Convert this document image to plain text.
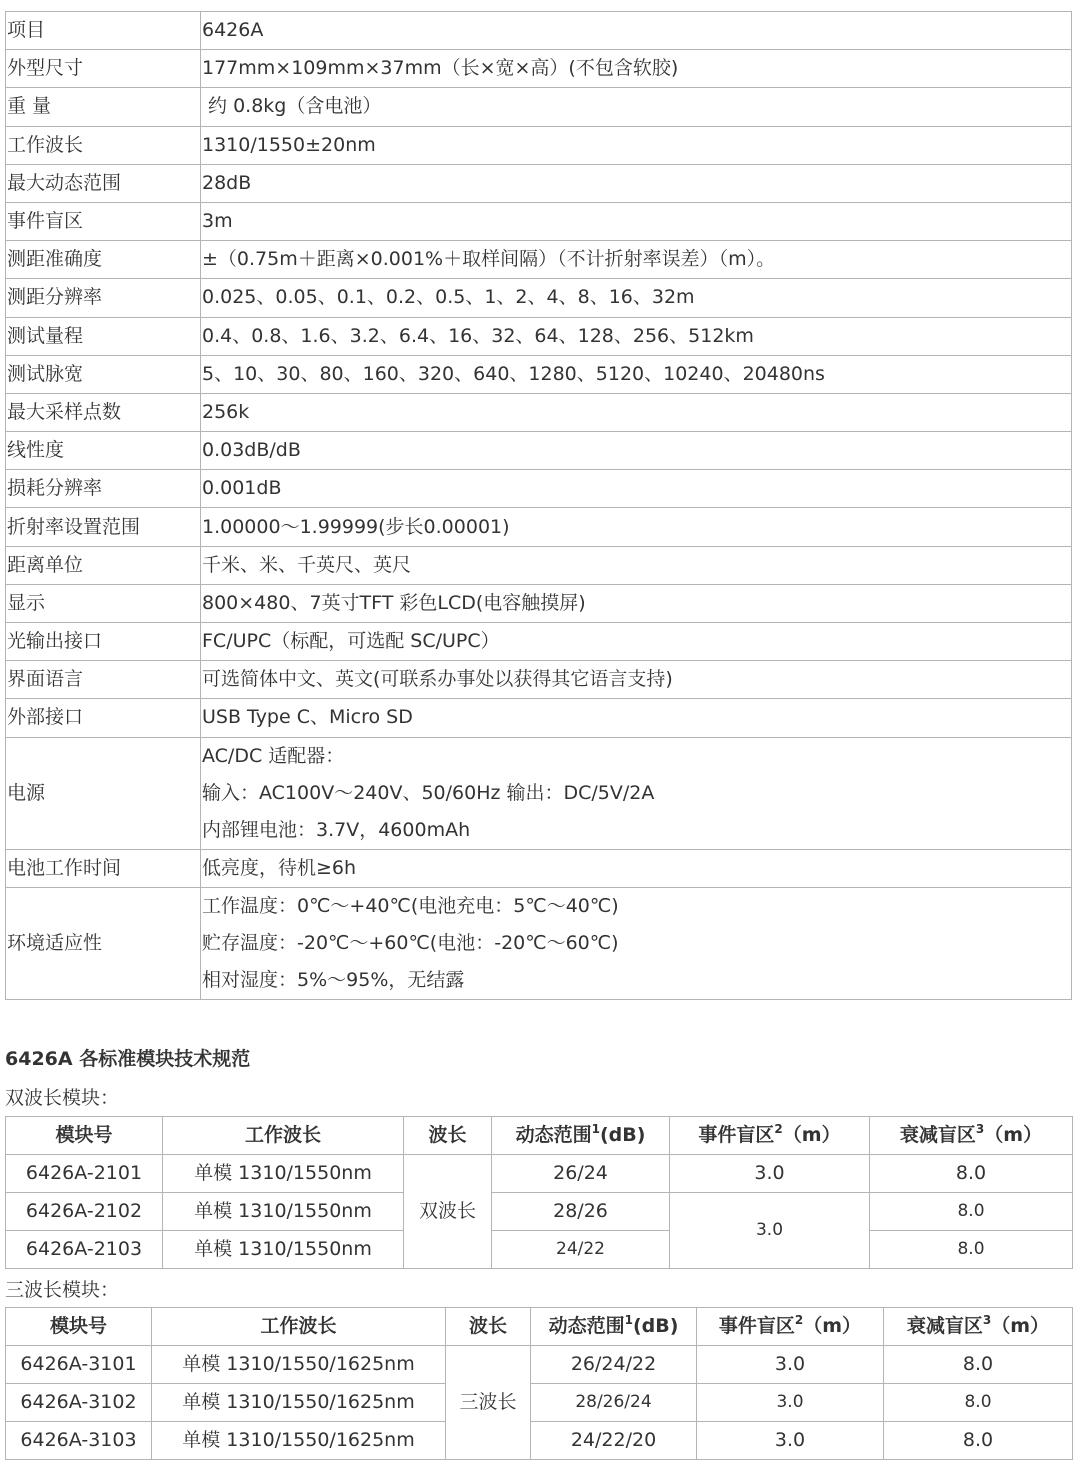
项目	6426A
外型尺寸	177mm×109mm×37mm（长×宽×高）(不包含软胶)
重 量	约 0.8kg（含电池）
工作波长	1310/1550±20nm
最大动态范围	28dB
事件盲区	3m
测距准确度	±（0.75m＋距离×0.001%＋取样间隔）（不计折射率误差）（m）。
测距分辨率	0.025、0.05、0.1、0.2、0.5、1、2、4、8、16、32m
测试量程	0.4、0.8、1.6、3.2、6.4、16、32、64、128、256、512km
测试脉宽	5、10、30、80、160、320、640、1280、5120、10240、20480ns
最大采样点数	256k
线性度	0.03dB/dB
损耗分辨率	0.001dB
折射率设置范围	1.00000～1.99999(步长0.00001)
距离单位	千米、米、千英尺、英尺
显示	800×480、7英寸TFT 彩色LCD(电容触摸屏)
光输出接口	FC/UPC（标配，可选配 SC/UPC）
界面语言	可选简体中文、英文(可联系办事处以获得其它语言支持)
外部接口	USB Type C、Micro SD
电源	AC/DC 适配器：
输入：AC100V～240V、50/60Hz 输出：DC/5V/2A
内部锂电池：3.7V，4600mAh

电池工作时间	低亮度，待机≥6h
环境适应性	工作温度：0℃～+40℃(电池充电：5℃～40℃)
贮存温度：-20℃～+60℃(电池：-20℃～60℃)
相对湿度：5%～95%，无结露
6426A 各标准模块技术规范
双波长模块：
模块号	工作波长	波长	动态范围$^1$(dB)	事件盲区$^2$（m）	衰减盲区$^3$（m）
6426A-2101	单模 1310/1550nm	双波长	26/24	3.0	8.0
6426A-2102	单模 1310/1550nm		28/26	3.0	8.0
6426A-2103	单模 1310/1550nm		24/22		8.0
三波长模块：
模块号	工作波长	波长	动态范围$^1$(dB)	事件盲区$^2$（m）	衰减盲区$^3$（m）
6426A-3101	单模 1310/1550/1625nm	三波长	26/24/22	3.0	8.0
6426A-3102	单模 1310/1550/1625nm		28/26/24	3.0	8.0
6426A-3103	单模 1310/1550/1625nm		24/22/20	3.0	8.0
